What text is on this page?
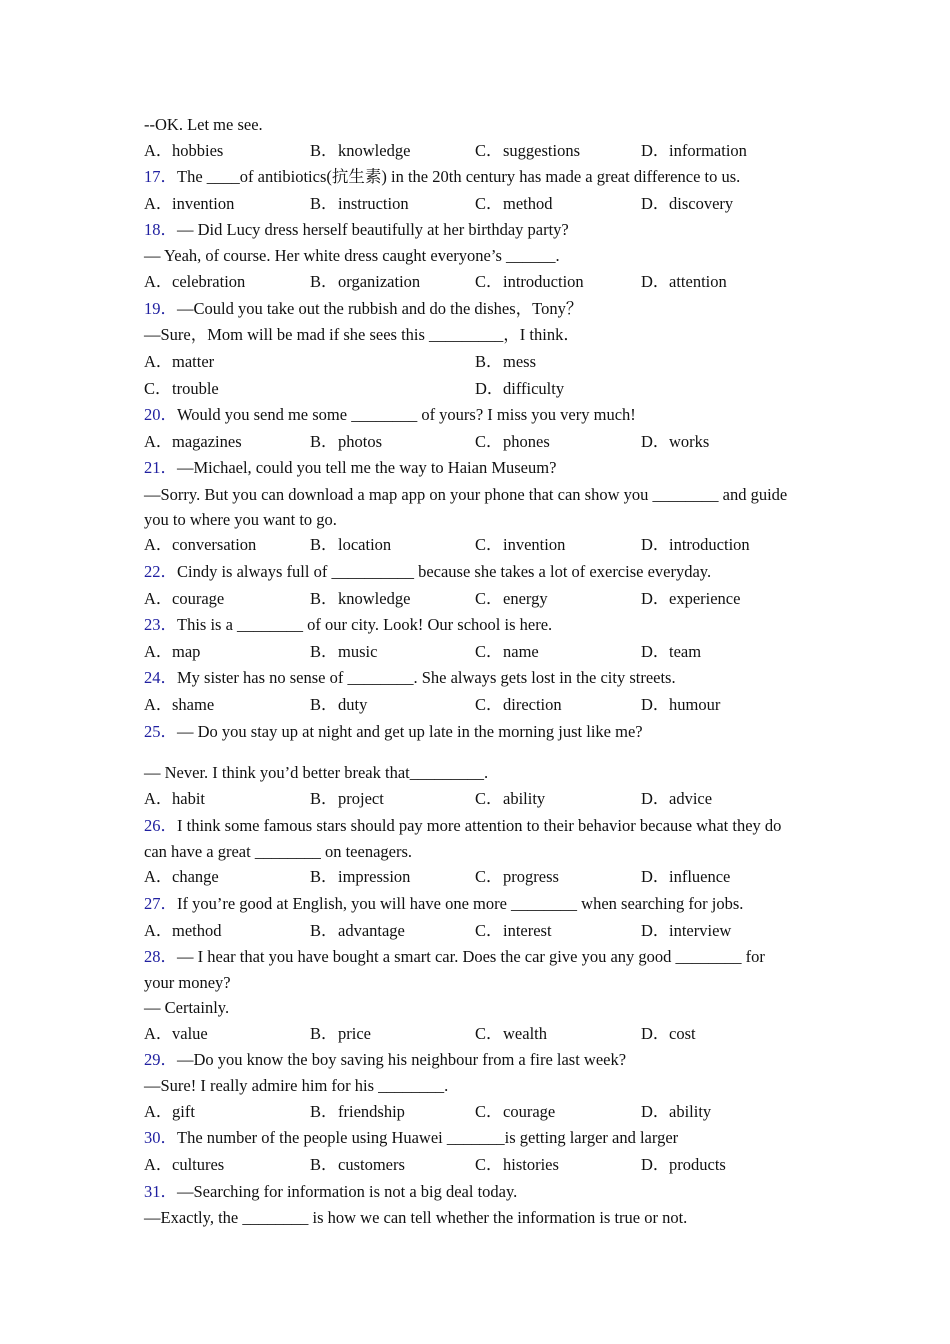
--OK. Let me see.
A．hobbies	B．knowledge	C．suggestions	D．information
17．The ____of antibiotics(抗生素) in the 20th century has made a great difference to us.
A．invention	B．instruction	C．method	D．discovery
18．— Did Lucy dress herself beautifully at her birthday party?
— Yeah, of course. Her white dress caught everyone’s ______.
A．celebration	B．organization	C．introduction	D．attention
19．—Could you take out the rubbish and do the dishes，Tony？
—Sure，Mom will be mad if she sees this _________，I think．
A．matter	B．mess
C．trouble	D．difficulty
20．Would you send me some ________ of yours? I miss you very much!
A．magazines	B．photos	C．phones	D．works
21．—Michael, could you tell me the way to Haian Museum?
—Sorry. But you can download a map app on your phone that can show you ________ and guide
you to where you want to go.
A．conversation	B．location	C．invention	D．introduction
22．Cindy is always full of __________ because she takes a lot of exercise everyday.
A．courage	B．knowledge	C．energy	D．experience
23．This is a ________ of our city. Look! Our school is here.
A．map	B．music	C．name	D．team
24．My sister has no sense of ________. She always gets lost in the city streets.
A．shame	B．duty	C．direction	D．humour
25．— Do you stay up at night and get up late in the morning just like me?
— Never. I think you’d better break that_________.
A．habit	B．project	C．ability	D．advice
26．I think some famous stars should pay more attention to their behavior because what they do
can have a great ________ on teenagers.
A．change	B．impression	C．progress	D．influence
27．If you’re good at English, you will have one more ________ when searching for jobs.
A．method	B．advantage	C．interest	D．interview
28．— I hear that you have bought a smart car. Does the car give you any good ________ for
your money?
— Certainly.
A．value	B．price	C．wealth	D．cost
29．—Do you know the boy saving his neighbour from a fire last week?
—Sure! I really admire him for his ________.
A．gift	B．friendship	C．courage	D．ability
30．The number of the people using Huawei _______is getting larger and larger
A．cultures	B．customers	C．histories	D．products
31．—Searching for information is not a big deal today.
—Exactly, the ________ is how we can tell whether the information is true or not.
